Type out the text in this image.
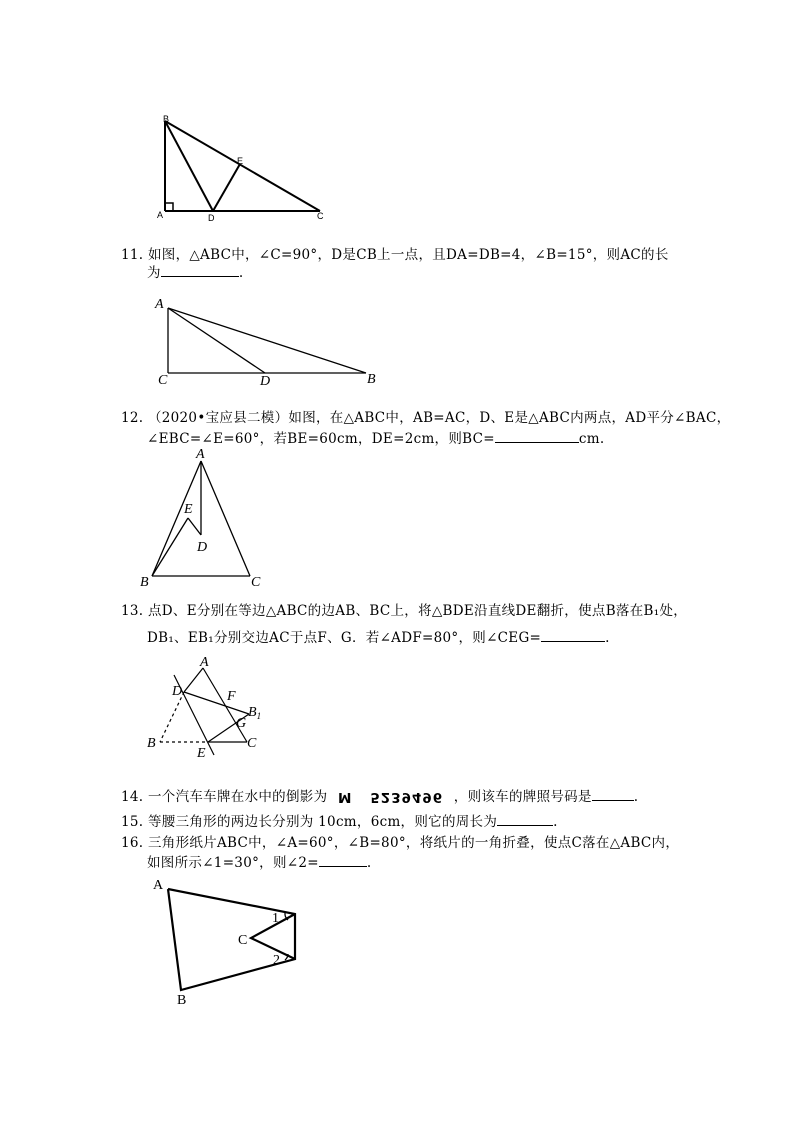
B
E
A	D	C
11. 如图，△ABC中，∠C=90°，D是CB上一点，且DA=DB=4，∠B=15°，则AC的长
为	.
A
C	D	B
12. （2020•宝应县二模）如图，在△ABC中，AB=AC，D、E是△ABC内两点，AD平分∠BAC，
∠EBC=∠E=60°，若BE=60cm，DE=2cm，则BC=	cm.
A
E
D
B	C
13. 点D、E分别在等边△ABC的边AB、BC上，将△BDE沿直线DE翻折，使点B落在B₁处，
DB₁、EB₁分别交边AC于点F、G．若∠ADF=80°，则∠CEG=	.
A
D	F
$B_1$
G
B
E
C
14. 一个汽车车牌在水中的倒影为 M 5239496 ，则该车的牌照号码是	.
15. 等腰三角形的两边长分别为 10cm，6cm，则它的周长为	.
16. 三角形纸片ABC中，∠A=60°，∠B=80°，将纸片的一角折叠，使点C落在△ABC内，
如图所示∠1=30°，则∠2=	.
A
1
C
2
B
